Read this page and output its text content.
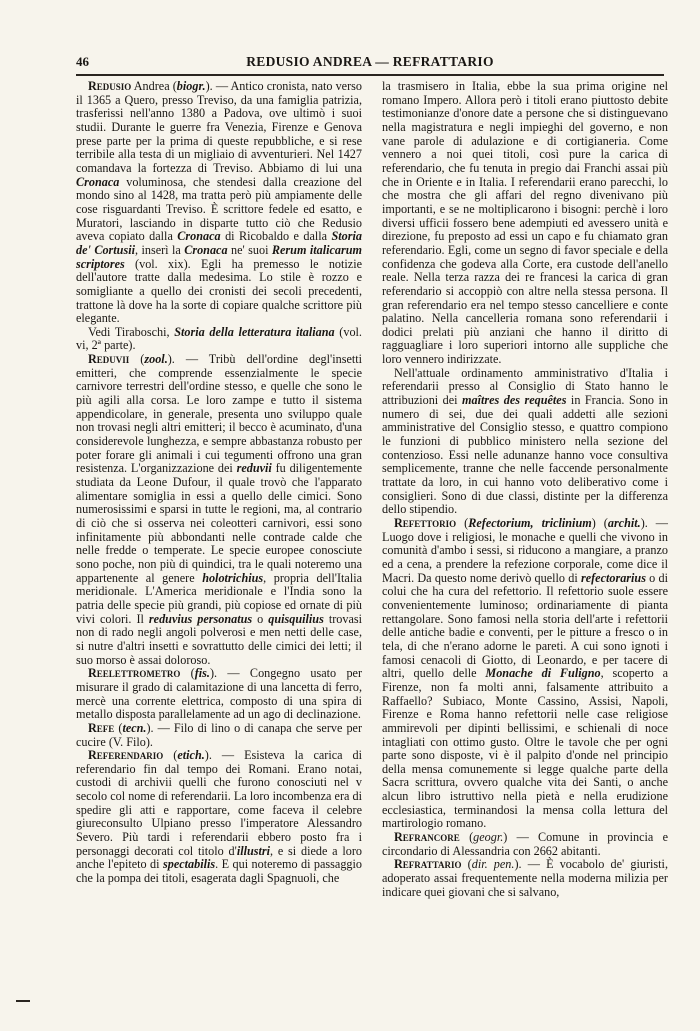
46	REDUSIO ANDREA — REFRATTARIO

Redusio Andrea (biogr.). — Antico cronista, nato verso il 1365 a Quero, presso Treviso, da una famiglia patrizia, trasferissi nell'anno 1380 a Padova, ove ultimò i suoi studii. Durante le guerre fra Venezia, Firenze e Genova prese parte per la prima di queste repubbliche, e si rese terribile alla testa di un migliaio di avventurieri. Nel 1427 comandava la fortezza di Treviso. Abbiamo di lui una Cronaca voluminosa, che stendesi dalla creazione del mondo sino al 1428, ma tratta però più ampiamente delle cose risguardanti Treviso. È scrittore fedele ed esatto, e Muratori, lasciando in disparte tutto ciò che Redusio aveva copiato dalla Cronaca di Ricobaldo e dalla Storia de' Cortusii, inserì la Cronaca ne' suoi Rerum italicarum scriptores (vol. xix). Egli ha premesso le notizie dell'autore tratte dalla medesima. Lo stile è rozzo e somigliante a quello dei cronisti dei secoli precedenti, trattone là dove ha la sorte di copiare qualche scrittore più elegante.

Vedi Tiraboschi, Storia della letteratura italiana (vol. vi, 2ª parte).

Reduvii (zool.). — Tribù dell'ordine degl'insetti emitteri, che comprende essenzialmente le specie carnivore terrestri dell'ordine stesso, e quelle che sono le più agili alla corsa. Le loro zampe e tutto il sistema appendicolare, in generale, presenta uno sviluppo quale non trovasi negli altri emitteri; il becco è acuminato, d'una considerevole lunghezza, e sempre abbastanza robusto per poter forare gli animali i cui tegumenti offrono una gran resistenza. L'organizzazione dei reduvii fu diligentemente studiata da Leone Dufour, il quale trovò che l'apparato alimentare somiglia in essi a quello delle cimici. Sono numerosissimi e sparsi in tutte le regioni, ma, al contrario di ciò che si osserva nei coleotteri carnivori, essi sono infinitamente più abbondanti nelle contrade calde che nelle fredde o temperate. Le specie europee conosciute sono poche, non più di quindici, tra le quali noteremo una appartenente al genere holotrichius, propria dell'Italia meridionale. L'America meridionale e l'India sono la patria delle specie più grandi, più copiose ed ornate di più vivi colori. Il reduvius personatus o quisquilius trovasi non di rado negli angoli polverosi e men netti delle case, si nutre d'altri insetti e sovrattutto delle cimici dei letti; il suo morso è assai doloroso.

Reelettrometro (fis.). — Congegno usato per misurare il grado di calamitazione di una lancetta di ferro, mercè una corrente elettrica, composto di una spira di metallo disposta parallelamente ad un ago di declinazione.

Refe (tecn.). — Filo di lino o di canapa che serve per cucire (V. Filo).

Referendario (etich.). — Esisteva la carica di referendario fin dal tempo dei Romani. Erano notai, custodi di archivii quelli che furono conosciuti nel v secolo col nome di referendarii. La loro incombenza era di spedire gli atti e rapportare, come faceva il celebre giureconsulto Ulpiano presso l'imperatore Alessandro Severo. Più tardi i referendarii ebbero posto fra i personaggi decorati col titolo d'illustri, e si diede a loro anche l'epiteto di spectabilis. E qui noteremo di passaggio che la pompa dei titoli, esagerata dagli Spagnuoli, che

la trasmisero in Italia, ebbe la sua prima origine nel romano Impero. Allora però i titoli erano piuttosto debite testimonianze d'onore date a persone che si distinguevano nella magistratura e negli impieghi del governo, e non vane parole di adulazione e di cortigianeria. Come vennero a noi quei titoli, così pure la carica di referendario, che fu tenuta in pregio dai Franchi assai più che in Oriente e in Italia. I referendarii erano parecchi, lo che mostra che gli affari del regno divenivano più importanti, e se ne moltiplicarono i bisogni: perchè i loro diversi ufficii fossero bene adempiuti ed avessero unità e direzione, fu preposto ad essi un capo e fu chiamato gran referendario. Egli, come un segno di favor speciale e della confidenza che godeva alla Corte, era custode dell'anello reale. Nella terza razza dei re francesi la carica di gran referendario si accoppiò con altre nella stessa persona. Il gran referendario era nel tempo stesso cancelliere e conte palatino. Nella cancelleria romana sono referendarii i dodici prelati più anziani che hanno il diritto di ragguagliare i loro superiori intorno alle suppliche che loro vennero indirizzate.

Nell'attuale ordinamento amministrativo d'Italia i referendarii presso al Consiglio di Stato hanno le attribuzioni dei maîtres des requêtes in Francia. Sono in numero di sei, due dei quali addetti alle sezioni amministrative del Consiglio stesso, e quattro compiono le funzioni di pubblico ministero nella sezione del contenzioso. Essi nelle adunanze hanno voce consultiva semplicemente, tranne che nelle faccende personalmente trattate da loro, in cui hanno voto deliberativo come i consiglieri. Sono di due classi, distinte per la differenza dello stipendio.

Refettorio (Refectorium, triclinium) (archit.). — Luogo dove i religiosi, le monache e quelli che vivono in comunità d'ambo i sessi, si riducono a mangiare, a pranzo ed a cena, a prendere la refezione corporale, come dice il Macri. Da questo nome derivò quello di refectorarius o di colui che ha cura del refettorio. Il refettorio suole essere convenientemente luminoso; ordinariamente di pianta rettangolare. Sono famosi nella storia dell'arte i refettorii delle antiche badie e conventi, per le pitture a fresco o in tela, di che n'erano adorne le pareti. A cui sono ignoti i famosi cenacoli di Giotto, di Leonardo, e per tacere di altri, quello delle Monache di Fuligno, scoperto a Firenze, non fa molti anni, falsamente attribuito a Raffaello? Subiaco, Monte Cassino, Assisi, Napoli, Firenze e Roma hanno refettorii nelle case religiose ammirevoli per dipinti bellissimi, e schienali di noce intagliati con ottimo gusto. Oltre le tavole che per ogni parte sono disposte, vi è il palpito d'onde nel principio della mensa comunemente si legge qualche parte della Sacra scrittura, ovvero qualche vita dei Santi, o anche alcun libro istruttivo nella pietà e nella erudizione ecclesiastica, terminandosi la mensa colla lettura del martirologio romano.

Refrancore (geogr.) — Comune in provincia e circondario di Alessandria con 2662 abitanti.

Refrattario (dir. pen.). — È vocabolo de' giuristi, adoperato assai frequentemente nella moderna milizia per indicare quei giovani che si salvano,
